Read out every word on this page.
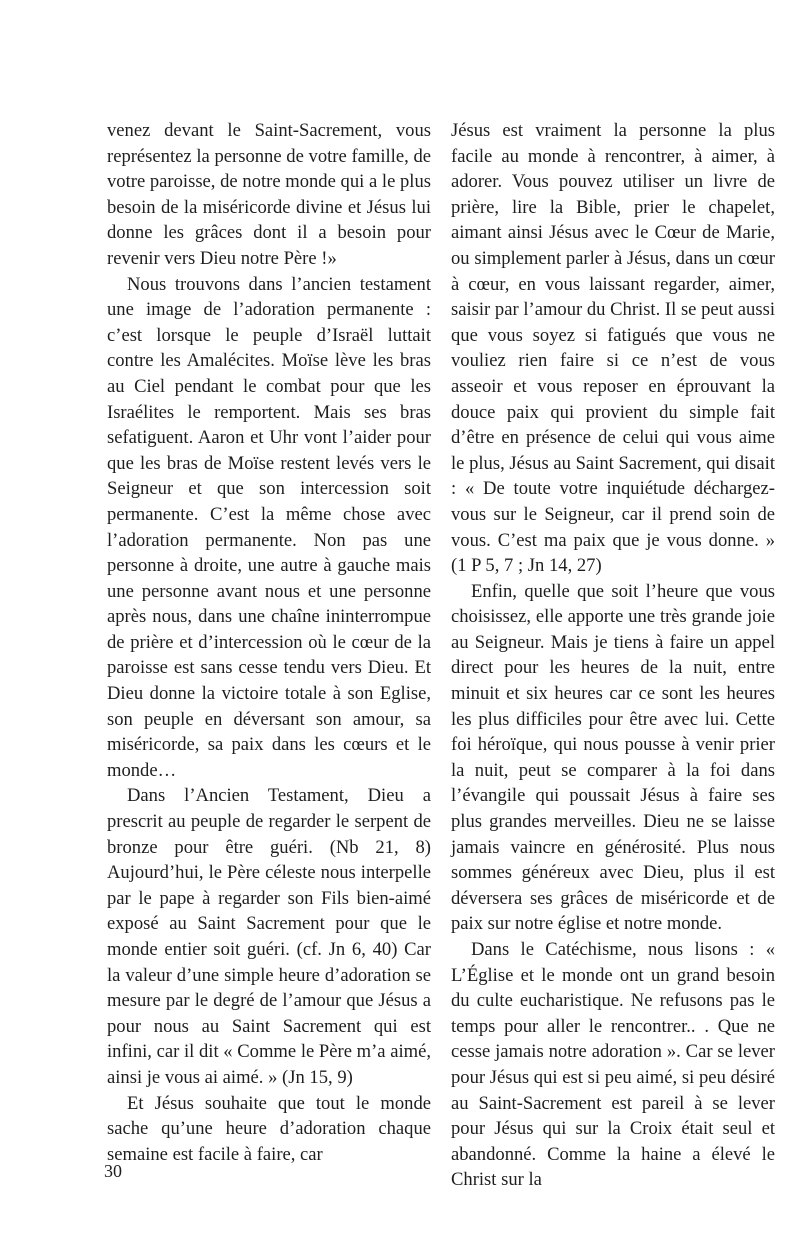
venez devant le Saint-Sacrement, vous représentez la personne de votre famille, de votre paroisse, de notre monde qui a le plus besoin de la miséricorde divine et Jésus lui donne les grâces dont il a besoin pour revenir vers Dieu notre Père !»

Nous trouvons dans l’ancien testament une image de l’adoration permanente : c’est lorsque le peuple d’Israël luttait contre les Amalécites. Moïse lève les bras au Ciel pendant le combat pour que les Israélites le remportent. Mais ses bras sefatiguent. Aaron et Uhr vont l’aider pour que les bras de Moïse restent levés vers le Seigneur et que son intercession soit permanente. C’est la même chose avec l’adoration permanente. Non pas une personne à droite, une autre à gauche mais une personne avant nous et une personne après nous, dans une chaîne ininterrompue de prière et d’intercession où le cœur de la paroisse est sans cesse tendu vers Dieu. Et Dieu donne la victoire totale à son Eglise, son peuple en déversant son amour, sa miséricorde, sa paix dans les cœurs et le monde…

Dans l’Ancien Testament, Dieu a prescrit au peuple de regarder le serpent de bronze pour être guéri. (Nb 21, 8) Aujourd’hui, le Père céleste nous interpelle par le pape à regarder son Fils bien-aimé exposé au Saint Sacrement pour que le monde entier soit guéri. (cf. Jn 6, 40) Car la valeur d’une simple heure d’adoration se mesure par le degré de l’amour que Jésus a pour nous au Saint Sacrement qui est infini, car il dit « Comme le Père m’a aimé, ainsi je vous ai aimé. » (Jn 15, 9)

Et Jésus souhaite que tout le monde sache qu’une heure d’adoration chaque semaine est facile à faire, car

Jésus est vraiment la personne la plus facile au monde à rencontrer, à aimer, à adorer. Vous pouvez utiliser un livre de prière, lire la Bible, prier le chapelet, aimant ainsi Jésus avec le Cœur de Marie, ou simplement parler à Jésus, dans un cœur à cœur, en vous laissant regarder, aimer, saisir par l’amour du Christ. Il se peut aussi que vous soyez si fatigués que vous ne vouliez rien faire si ce n’est de vous asseoir et vous reposer en éprouvant la douce paix qui provient du simple fait d’être en présence de celui qui vous aime le plus, Jésus au Saint Sacrement, qui disait : « De toute votre inquiétude déchargez-vous sur le Seigneur, car il prend soin de vous. C’est ma paix que je vous donne. » (1 P 5, 7 ; Jn 14, 27)

Enfin, quelle que soit l’heure que vous choisissez, elle apporte une très grande joie au Seigneur. Mais je tiens à faire un appel direct pour les heures de la nuit, entre minuit et six heures car ce sont les heures les plus difficiles pour être avec lui. Cette foi héroïque, qui nous pousse à venir prier la nuit, peut se comparer à la foi dans l’évangile qui poussait Jésus à faire ses plus grandes merveilles. Dieu ne se laisse jamais vaincre en générosité. Plus nous sommes généreux avec Dieu, plus il est déversera ses grâces de miséricorde et de paix sur notre église et notre monde.

Dans le Catéchisme, nous lisons : « L’Église et le monde ont un grand besoin du culte eucharistique. Ne refusons pas le temps pour aller le rencontrer.. . Que ne cesse jamais notre adoration ». Car se lever pour Jésus qui est si peu aimé, si peu désiré au Saint-Sacrement est pareil à se lever pour Jésus qui sur la Croix était seul et abandonné. Comme la haine a élevé le Christ sur la

30
